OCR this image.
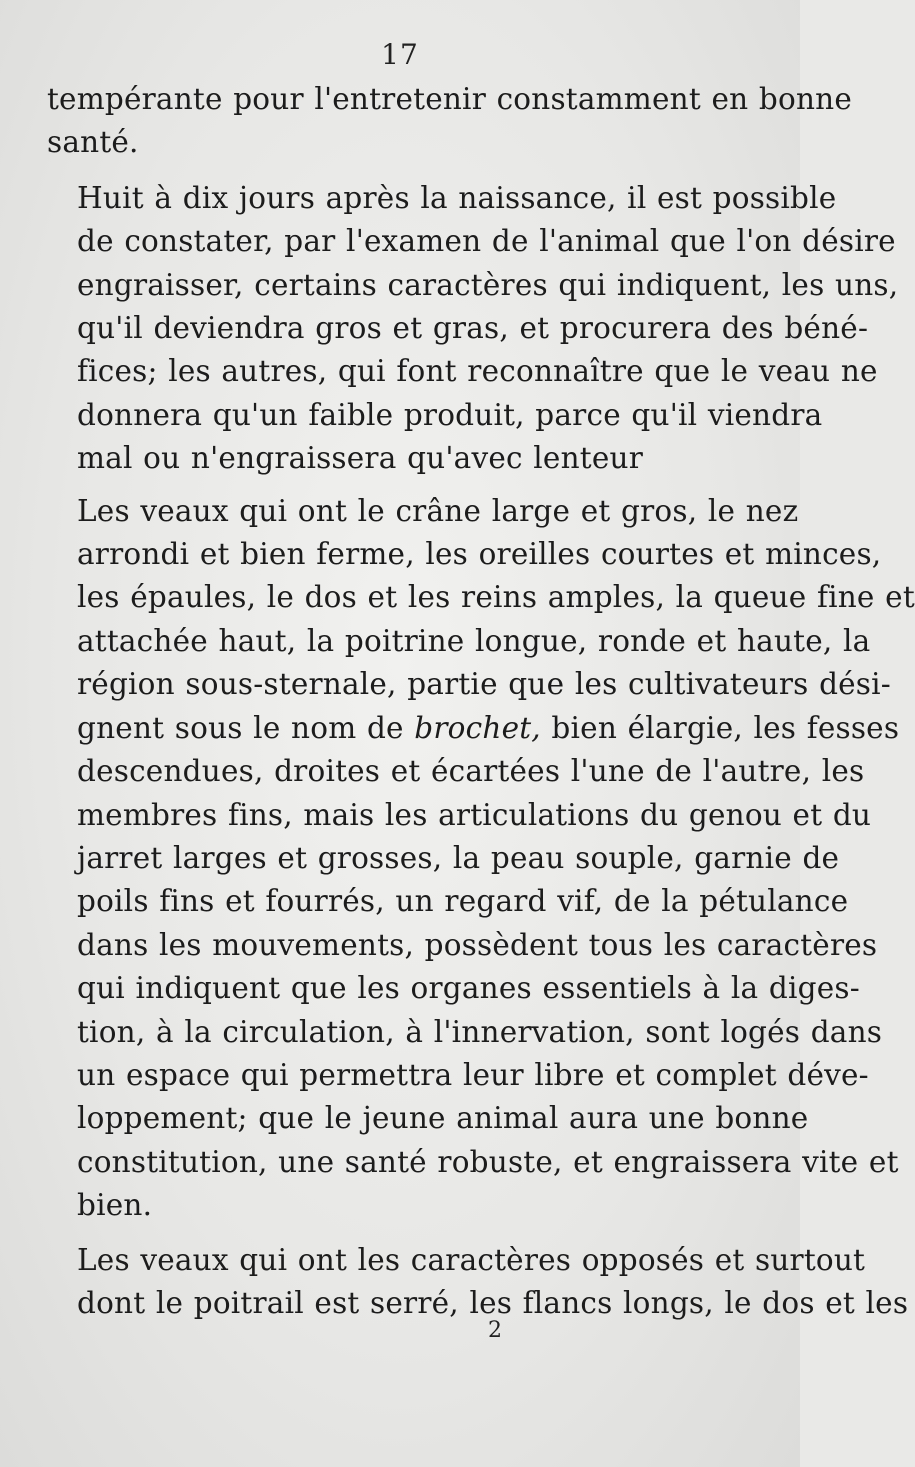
17
tempérante pour l'entretenir constamment en bonne
santé.
Huit à dix jours après la naissance, il est possible
de constater, par l'examen de l'animal que l'on désire
engraisser, certains caractères qui indiquent, les uns,
qu'il deviendra gros et gras, et procurera des béné-
fices; les autres, qui font reconnaître que le veau ne
donnera qu'un faible produit, parce qu'il viendra
mal ou n'engraissera qu'avec lenteur
Les veaux qui ont le crâne large et gros, le nez
arrondi et bien ferme, les oreilles courtes et minces,
les épaules, le dos et les reins amples, la queue fine et
attachée haut, la poitrine longue, ronde et haute, la
région sous-sternale, partie que les cultivateurs dési-
gnent sous le nom de brochet, bien élargie, les fesses
descendues, droites et écartées l'une de l'autre, les
membres fins, mais les articulations du genou et du
jarret larges et grosses, la peau souple, garnie de
poils fins et fourrés, un regard vif, de la pétulance
dans les mouvements, possèdent tous les caractères
qui indiquent que les organes essentiels à la diges-
tion, à la circulation, à l'innervation, sont logés dans
un espace qui permettra leur libre et complet déve-
loppement; que le jeune animal aura une bonne
constitution, une santé robuste, et engraissera vite et
bien.
Les veaux qui ont les caractères opposés et surtout
dont le poitrail est serré, les flancs longs, le dos et les
2
